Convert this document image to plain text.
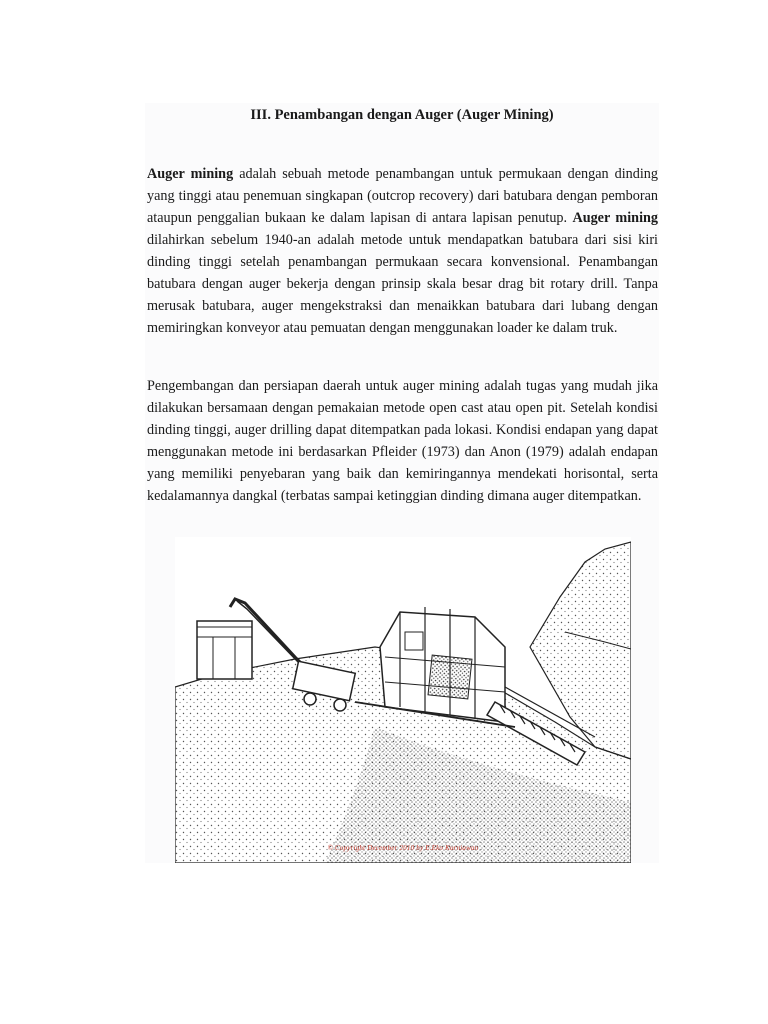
III. Penambangan dengan Auger (Auger Mining)
Auger mining adalah sebuah metode penambangan untuk permukaan dengan dinding yang tinggi atau penemuan singkapan (outcrop recovery) dari batubara dengan pemboran ataupun penggalian bukaan ke dalam lapisan di antara lapisan penutup. Auger mining dilahirkan sebelum 1940-an adalah metode untuk mendapatkan batubara dari sisi kiri dinding tinggi setelah penambangan permukaan secara konvensional. Penambangan batubara dengan auger bekerja dengan prinsip skala besar drag bit rotary drill. Tanpa merusak batubara, auger mengekstraksi dan menaikkan batubara dari lubang dengan memiringkan konveyor atau pemuatan dengan menggunakan loader ke dalam truk.
Pengembangan dan persiapan daerah untuk auger mining adalah tugas yang mudah jika dilakukan bersamaan dengan pemakaian metode open cast atau open pit. Setelah kondisi dinding tinggi, auger drilling dapat ditempatkan pada lokasi. Kondisi endapan yang dapat menggunakan metode ini berdasarkan Pfleider (1973) dan Anon (1979) adalah endapan yang memiliki penyebaran yang baik dan kemiringannya mendekati horisontal, serta kedalamannya dangkal (terbatas sampai ketinggian dinding dimana auger ditempatkan.
© Copyright December 2010 by E.Eko Kurniawan
